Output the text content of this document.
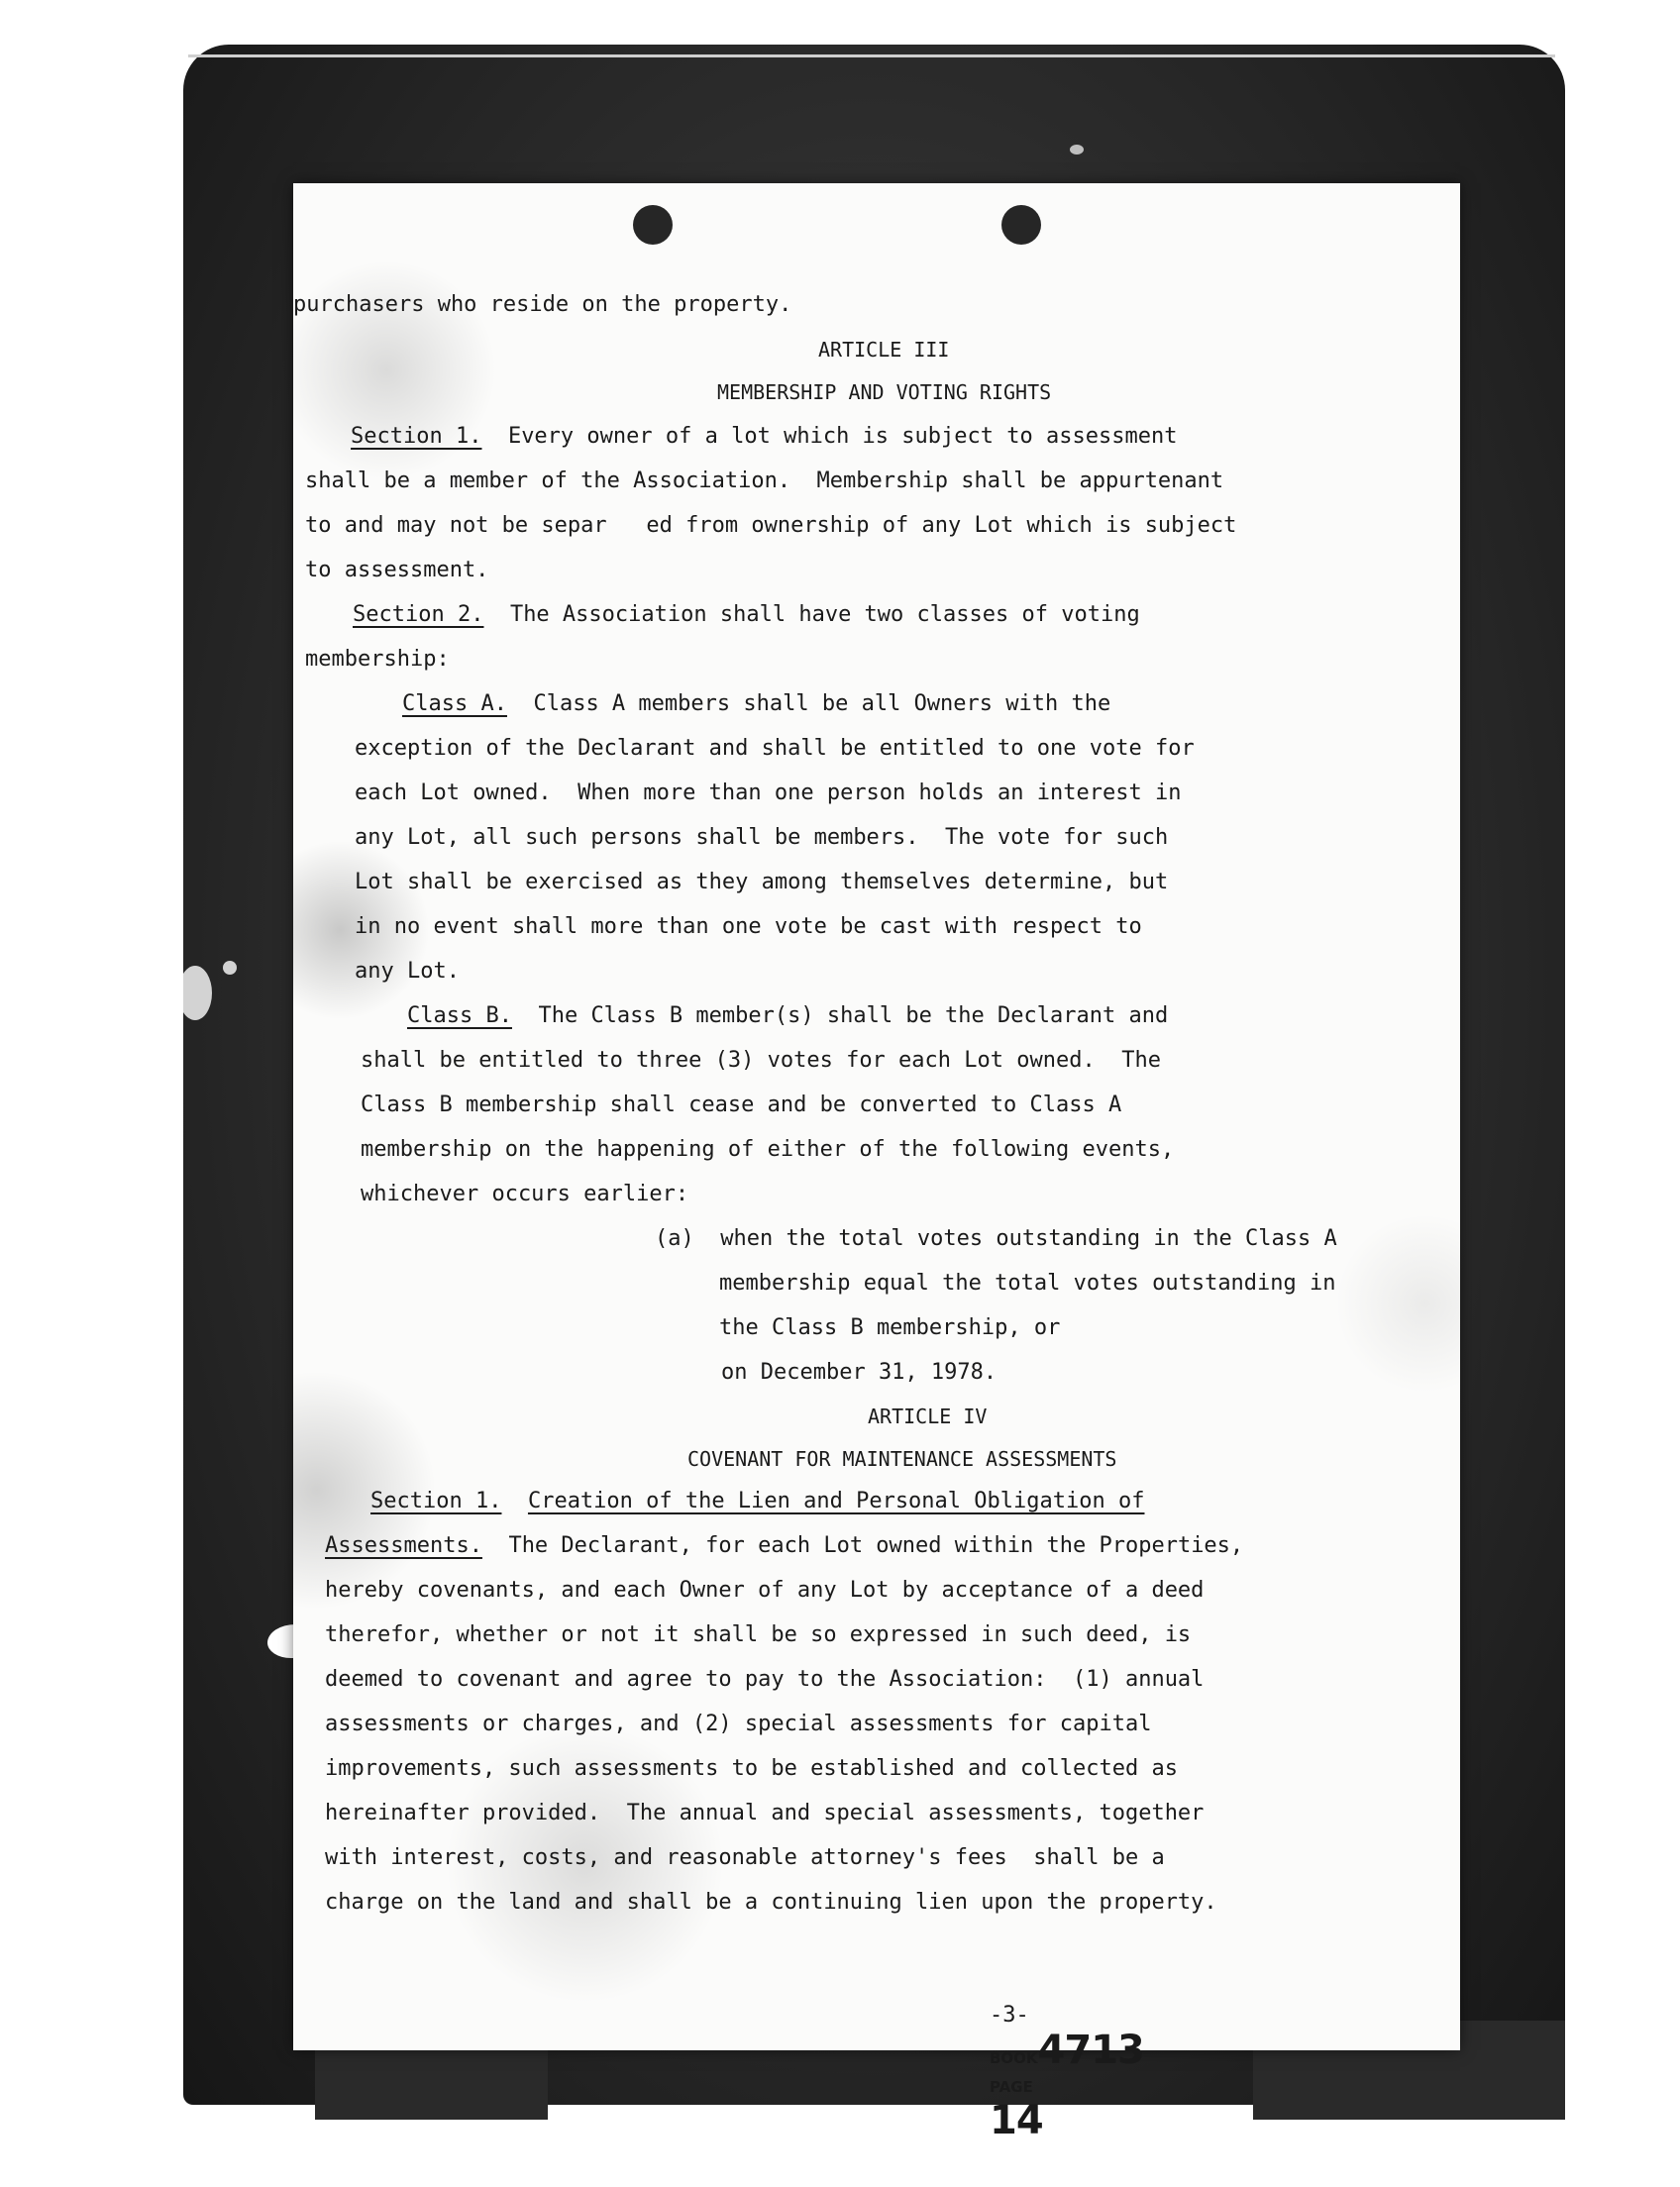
purchasers who reside on the property.
ARTICLE III
MEMBERSHIP AND VOTING RIGHTS
Section 1.  Every owner of a lot which is subject to assessment
shall be a member of the Association.  Membership shall be appurtenant
to and may not be separ   ed from ownership of any Lot which is subject
to assessment.
Section 2.  The Association shall have two classes of voting
membership:
Class A.  Class A members shall be all Owners with the
exception of the Declarant and shall be entitled to one vote for
each Lot owned.  When more than one person holds an interest in
any Lot, all such persons shall be members.  The vote for such
Lot shall be exercised as they among themselves determine, but
in no event shall more than one vote be cast with respect to
any Lot.
Class B.  The Class B member(s) shall be the Declarant and
shall be entitled to three (3) votes for each Lot owned.  The
Class B membership shall cease and be converted to Class A
membership on the happening of either of the following events,
whichever occurs earlier:
(a)  when the total votes outstanding in the Class A
membership equal the total votes outstanding in
the Class B membership, or
on December 31, 1978.
ARTICLE IV
COVENANT FOR MAINTENANCE ASSESSMENTS
Section 1. Creation of the Lien and Personal Obligation of
Assessments.  The Declarant, for each Lot owned within the Properties,
hereby covenants, and each Owner of any Lot by acceptance of a deed
therefor, whether or not it shall be so expressed in such deed, is
deemed to covenant and agree to pay to the Association:  (1) annual
assessments or charges, and (2) special assessments for capital
improvements, such assessments to be established and collected as
hereinafter provided.  The annual and special assessments, together
with interest, costs, and reasonable attorney's fees  shall be a
charge on the land and shall be a continuing lien upon the property.

-3-
BOOK4713
PAGE
14
